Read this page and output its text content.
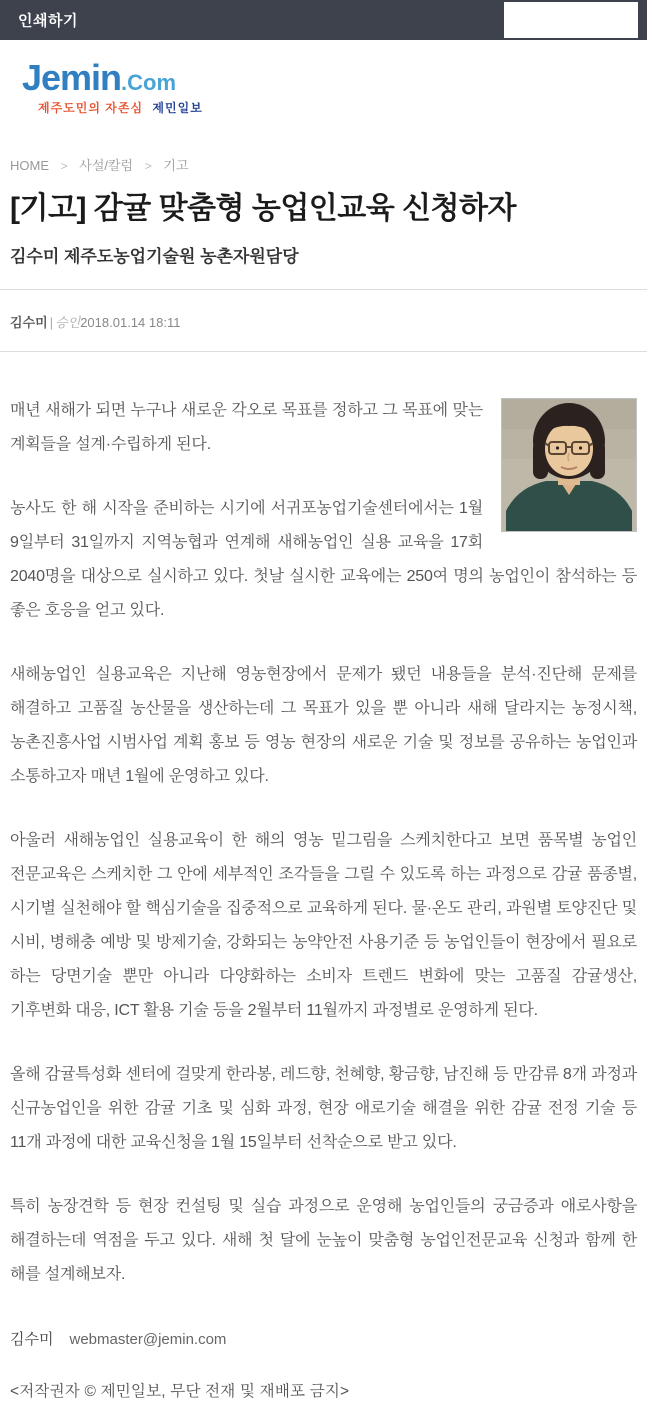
인쇄하기
Jemin.Com
제주도민의 자존심 제민일보
HOME > 사설/칼럼 > 기고
[기고] 감귤 맞춤형 농업인교육 신청하자
김수미 제주도농업기술원 농촌자원담당
김수미 | 승인2018.01.14 18:11

매년 새해가 되면 누구나 새로운 각오로 목표를 정하고 그 목표에 맞는 계획들을 설계·수립하게 된다.

농사도 한 해 시작을 준비하는 시기에 서귀포농업기술센터에서는 1월 9일부터 31일까지 지역농협과 연계해 새해농업인 실용 교육을 17회 2040명을 대상으로 실시하고 있다. 첫날 실시한 교육에는 250여 명의 농업인이 참석하는 등 좋은 호응을 얻고 있다.

새해농업인 실용교육은 지난해 영농현장에서 문제가 됐던 내용들을 분석·진단해 문제를 해결하고 고품질 농산물을 생산하는데 그 목표가 있을 뿐 아니라 새해 달라지는 농정시책, 농촌진흥사업 시범사업 계획 홍보 등 영농 현장의 새로운 기술 및 정보를 공유하는 농업인과 소통하고자 매년 1월에 운영하고 있다.

아울러 새해농업인 실용교육이 한 해의 영농 밑그림을 스케치한다고 보면 품목별 농업인 전문교육은 스케치한 그 안에 세부적인 조각들을 그릴 수 있도록 하는 과정으로 감귤 품종별, 시기별 실천해야 할 핵심기술을 집중적으로 교육하게 된다. 물·온도 관리, 과원별 토양진단 및 시비, 병해충 예방 및 방제기술, 강화되는 농약안전 사용기준 등 농업인들이 현장에서 필요로 하는 당면기술 뿐만 아니라 다양화하는 소비자 트렌드 변화에 맞는 고품질 감귤생산, 기후변화 대응, ICT 활용 기술 등을 2월부터 11월까지 과정별로 운영하게 된다.

올해 감귤특성화 센터에 걸맞게 한라봉, 레드향, 천혜향, 황금향, 남진해 등 만감류 8개 과정과 신규농업인을 위한 감귤 기초 및 심화 과정, 현장 애로기술 해결을 위한 감귤 전정 기술 등 11개 과정에 대한 교육신청을 1월 15일부터 선착순으로 받고 있다.

특히 농장견학 등 현장 컨설팅 및 실습 과정으로 운영해 농업인들의 궁금증과 애로사항을 해결하는데 역점을 두고 있다. 새해 첫 달에 눈높이 맞춤형 농업인전문교육 신청과 함께 한 해를 설계해보자.

김수미 webmaster@jemin.com
<저작권자 © 제민일보, 무단 전재 및 재배포 금지>
